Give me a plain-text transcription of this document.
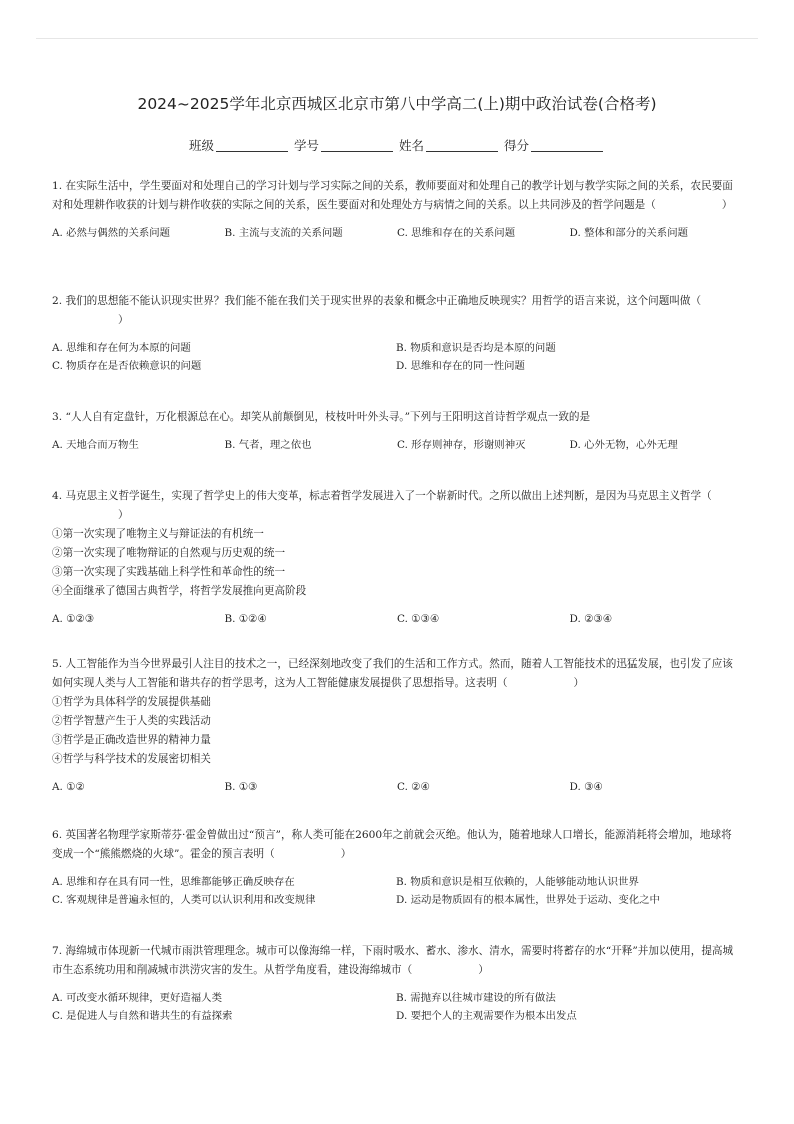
2024~2025学年北京西城区北京市第八中学高二(上)期中政治试卷(合格考)
班级	学号	姓名	得分

1. 在实际生活中，学生要面对和处理自己的学习计划与学习实际之间的关系，教师要面对和处理自己的教学计划与教学实际之间的关系，农民要面对和处理耕作收获的计划与耕作收获的实际之间的关系，医生要面对和处理处方与病情之间的关系。以上共同涉及的哲学问题是（	）

A. 必然与偶然的关系问题	B. 主流与支流的关系问题	C. 思维和存在的关系问题	D. 整体和部分的关系问题

2. 我们的思想能不能认识现实世界？我们能不能在我们关于现实世界的表象和概念中正确地反映现实？用哲学的语言来说，这个问题叫做（）

A. 思维和存在何为本原的问题	B. 物质和意识是否均是本原的问题
C. 物质存在是否依赖意识的问题	D. 思维和存在的同一性问题

3. “人人自有定盘针，万化根源总在心。却笑从前颠倒见，枝枝叶叶外头寻。”下列与王阳明这首诗哲学观点一致的是

A. 天地合而万物生	B. 气者，理之依也	C. 形存则神存，形谢则神灭	D. 心外无物，心外无理

4. 马克思主义哲学诞生，实现了哲学史上的伟大变革，标志着哲学发展进入了一个崭新时代。之所以做出上述判断，是因为马克思主义哲学（）

①第一次实现了唯物主义与辩证法的有机统一

②第一次实现了唯物辩证的自然观与历史观的统一

③第一次实现了实践基础上科学性和革命性的统一

④全面继承了德国古典哲学，将哲学发展推向更高阶段

A. ①②③	B. ①②④	C. ①③④	D. ②③④

5. 人工智能作为当今世界最引人注目的技术之一，已经深刻地改变了我们的生活和工作方式。然而，随着人工智能技术的迅猛发展，也引发了应该如何实现人类与人工智能和谐共存的哲学思考，这为人工智能健康发展提供了思想指导。这表明（	）

①哲学为具体科学的发展提供基础

②哲学智慧产生于人类的实践活动

③哲学是正确改造世界的精神力量

④哲学与科学技术的发展密切相关

A. ①②	B. ①③	C. ②④	D. ③④

6. 英国著名物理学家斯蒂芬·霍金曾做出过“预言”，称人类可能在2600年之前就会灭绝。他认为，随着地球人口增长，能源消耗将会增加，地球将变成一个“熊熊燃烧的火球”。霍金的预言表明（	）

A. 思维和存在具有同一性，思维都能够正确反映存在	B. 物质和意识是相互依赖的，人能够能动地认识世界
C. 客观规律是普遍永恒的，人类可以认识利用和改变规律	D. 运动是物质固有的根本属性，世界处于运动、变化之中

7. 海绵城市体现新一代城市雨洪管理理念。城市可以像海绵一样，下雨时吸水、蓄水、渗水、清水，需要时将蓄存的水“开释”并加以使用，提高城市生态系统功用和削减城市洪涝灾害的发生。从哲学角度看，建设海绵城市（	）

A. 可改变水循环规律，更好造福人类	B. 需抛弃以往城市建设的所有做法
C. 是促进人与自然和谐共生的有益探索	D. 要把个人的主观需要作为根本出发点
